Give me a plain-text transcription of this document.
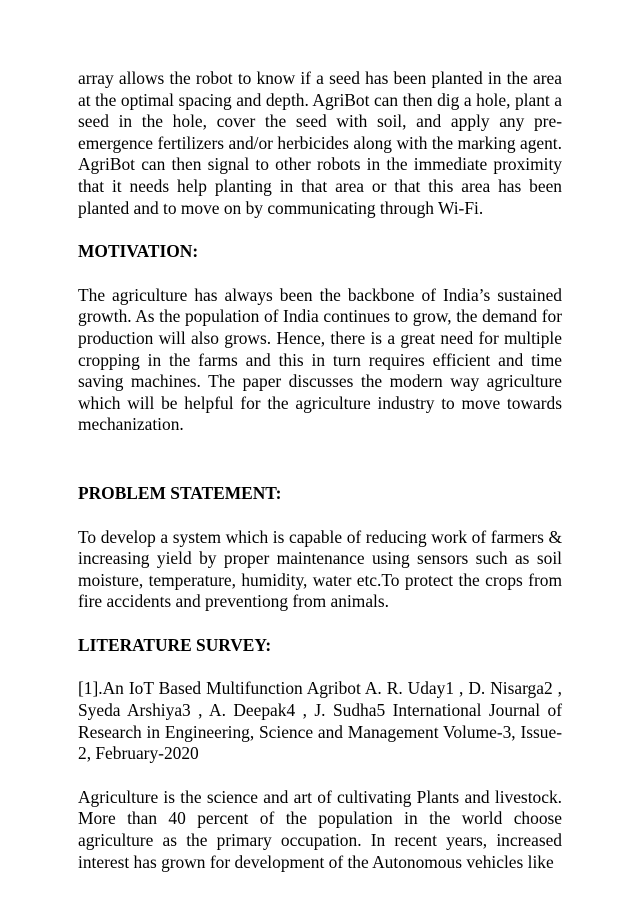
array allows the robot to know if a seed has been planted in the area at the optimal spacing and depth. AgriBot can then dig a hole, plant a seed in the hole, cover the seed with soil, and apply any pre-emergence fertilizers and/or herbicides along with the marking agent. AgriBot can then signal to other robots in the immediate proximity that it needs help planting in that area or that this area has been planted and to move on by communicating through Wi-Fi.

MOTIVATION:

The agriculture has always been the backbone of India’s sustained growth. As the population of India continues to grow, the demand for production will also grows. Hence, there is a great need for multiple cropping in the farms and this in turn requires efficient and time saving machines. The paper discusses the modern way agriculture which will be helpful for the agriculture industry to move towards mechanization.

PROBLEM STATEMENT:

To develop a system which is capable of reducing work of farmers & increasing yield by proper maintenance using sensors such as soil moisture, temperature, humidity, water etc.To protect the crops from fire accidents and preventiong from animals.

LITERATURE SURVEY:

[1].An IoT Based Multifunction Agribot A. R. Uday1 , D. Nisarga2 , Syeda Arshiya3 , A. Deepak4 , J. Sudha5 International Journal of Research in Engineering, Science and Management Volume-3, Issue-2, February-2020

Agriculture is the science and art of cultivating Plants and livestock. More than 40 percent of the population in the world choose agriculture as the primary occupation. In recent years, increased interest has grown for development of the Autonomous vehicles like
